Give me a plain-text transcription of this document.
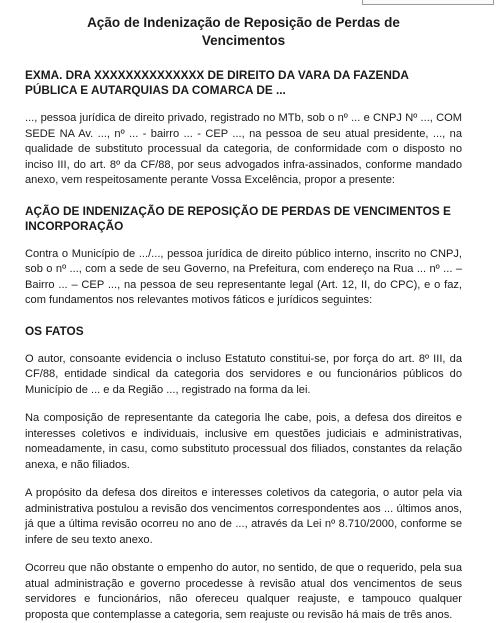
Ação de Indenização de Reposição de Perdas de
Vencimentos

EXMA. DRA XXXXXXXXXXXXXX DE DIREITO DA VARA DA FAZENDA PÚBLICA E AUTARQUIAS DA COMARCA DE ...

..., pessoa jurídica de direito privado, registrado no MTb, sob o nº ... e CNPJ Nº ..., COM SEDE NA Av. ..., nº ... - bairro ... - CEP ..., na pessoa de seu atual presidente, ..., na qualidade de substituto processual da categoria, de conformidade com o disposto no inciso III, do art. 8º da CF/88, por seus advogados infra-assinados, conforme mandado anexo, vem respeitosamente perante Vossa Excelência, propor a presente:

AÇÃO DE INDENIZAÇÃO DE REPOSIÇÃO DE PERDAS DE VENCIMENTOS E INCORPORAÇÃO

Contra o Município de .../..., pessoa jurídica de direito público interno, inscrito no CNPJ, sob o nº ..., com a sede de seu Governo, na Prefeitura, com endereço na Rua ... nº ... – Bairro ... – CEP ..., na pessoa de seu representante legal (Art. 12, II, do CPC), e o faz, com fundamentos nos relevantes motivos fáticos e jurídicos seguintes:

OS FATOS

O autor, consoante evidencia o incluso Estatuto constitui-se, por força do art. 8º III, da CF/88, entidade sindical da categoria dos servidores e ou funcionários públicos do Município de ... e da Região ..., registrado na forma da lei.

Na composição de representante da categoria lhe cabe, pois, a defesa dos direitos e interesses coletivos e individuais, inclusive em questões judiciais e administrativas, nomeadamente, in casu, como substituto processual dos filiados, constantes da relação anexa, e não filiados.

A propósito da defesa dos direitos e interesses coletivos da categoria, o autor pela via administrativa postulou a revisão dos vencimentos correspondentes aos ... últimos anos, já que a última revisão ocorreu no ano de ..., através da Lei nº 8.710/2000, conforme se infere de seu texto anexo.

Ocorreu que não obstante o empenho do autor, no sentido, de que o requerido, pela sua atual administração e governo procedesse à revisão atual dos vencimentos de seus servidores e funcionários, não ofereceu qualquer reajuste, e tampouco qualquer proposta que contemplasse a categoria, sem reajuste ou revisão há mais de três anos.
